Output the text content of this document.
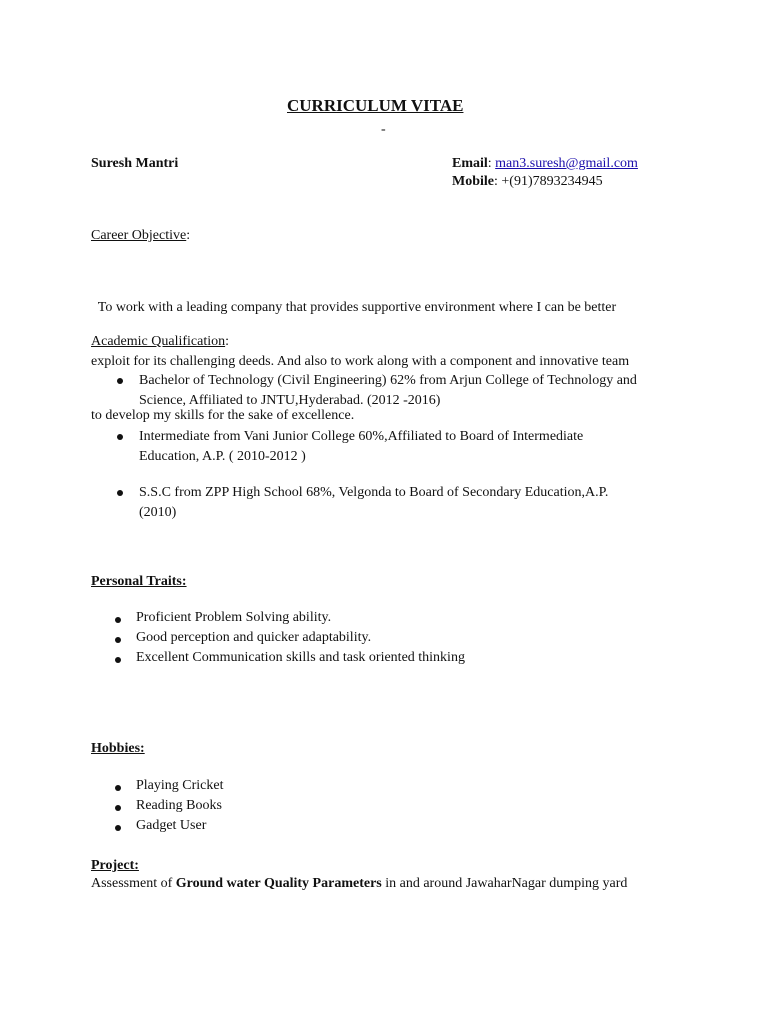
CURRICULUM VITAE
-
Suresh Mantri	Email: man3.suresh@gmail.com
Mobile: +(91)7893234945
Career Objective:

To work with a leading company that provides supportive environment where I can be better

exploit for its challenging deeds. And also to work along with a component and innovative team

to develop my skills for the sake of excellence.

Academic Qualification:
Bachelor of Technology (Civil Engineering) 62% from Arjun College of Technology and
Science, Affiliated to JNTU,Hyderabad. (2012 -2016)
Intermediate from Vani Junior College 60%,Affiliated to Board of Intermediate
Education, A.P. ( 2010-2012 )
S.S.C from ZPP High School 68%, Velgonda to Board of Secondary Education,A.P.
(2010)
Personal Traits:
Proficient Problem Solving ability.
Good perception and quicker adaptability.
Excellent Communication skills and task oriented thinking
Hobbies:
Playing Cricket
Reading Books
Gadget User
Project:
Assessment of Ground water Quality Parameters in and around JawaharNagar dumping yard
